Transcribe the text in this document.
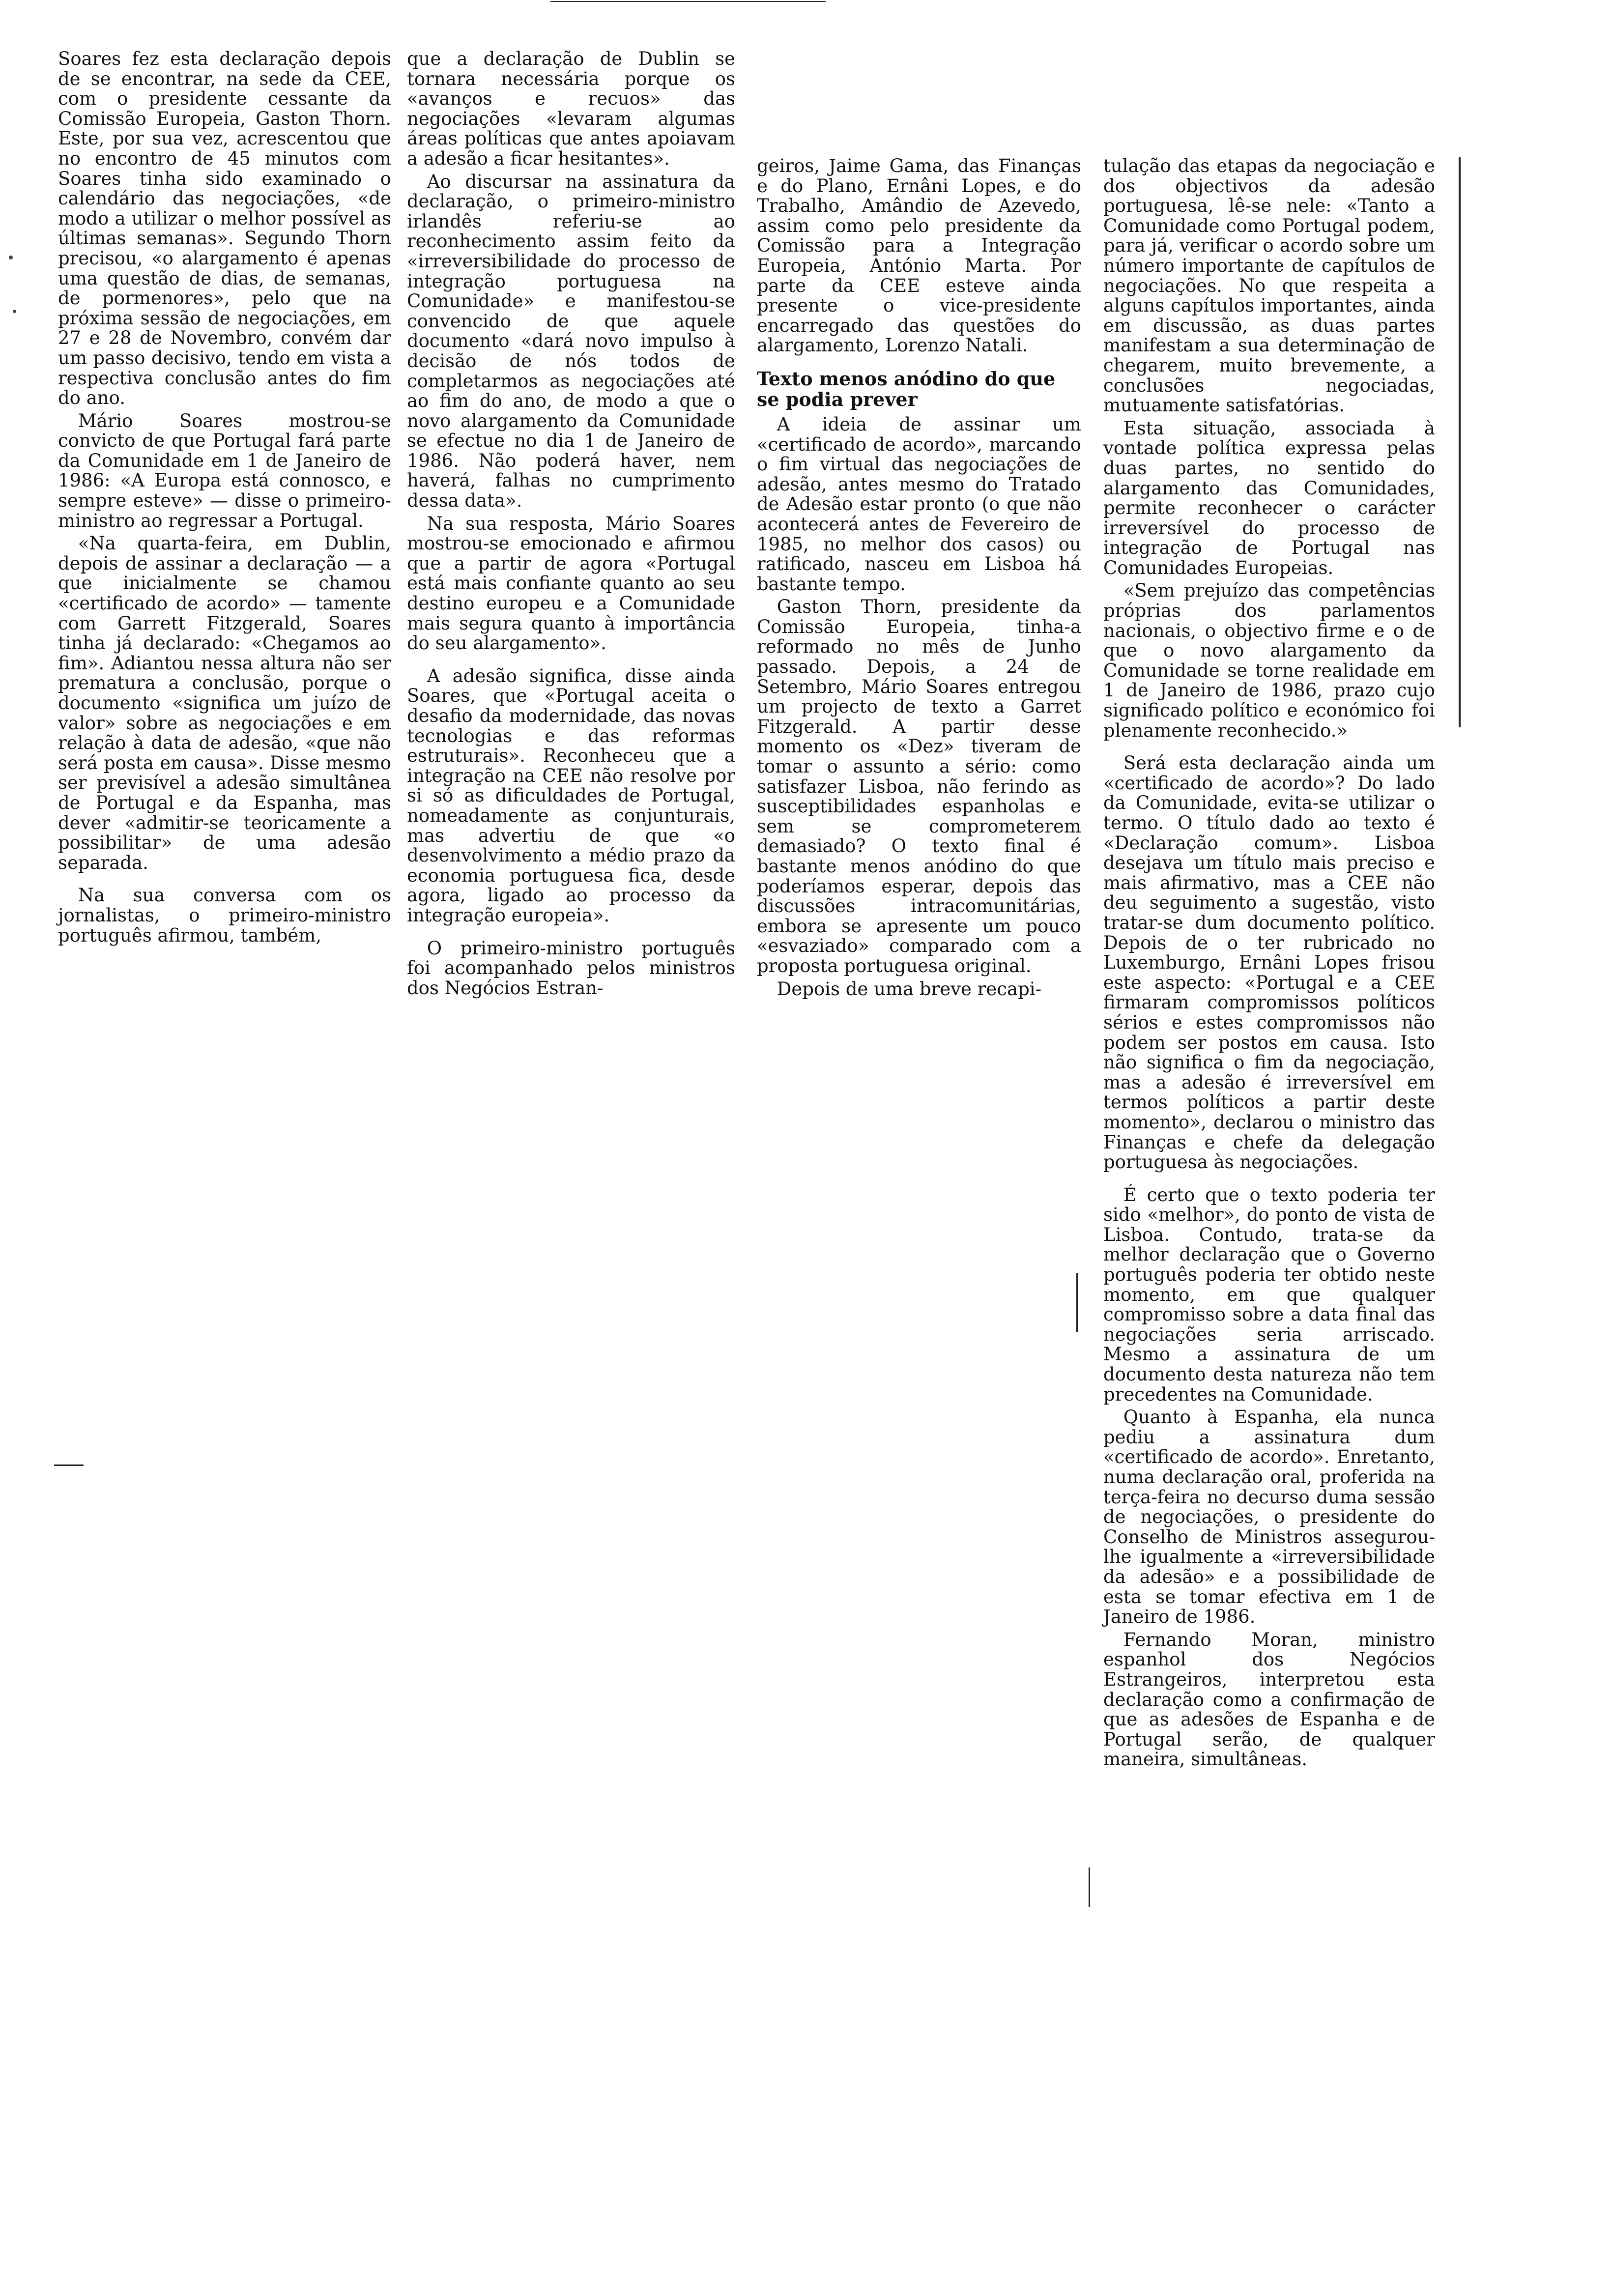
Soares fez esta declaração depois de se encontrar, na sede da CEE, com o presidente cessante da Comissão Europeia, Gaston Thorn. Este, por sua vez, acrescentou que no encontro de 45 minutos com Soares tinha sido examinado o calendário das negociações, «de modo a utilizar o melhor possível as últimas semanas». Segundo Thorn precisou, «o alargamento é apenas uma questão de dias, de semanas, de pormenores», pelo que na próxima sessão de negociações, em 27 e 28 de Novembro, convém dar um passo decisivo, tendo em vista a respectiva conclusão antes do fim do ano.

Mário Soares mostrou-se convicto de que Portugal fará parte da Comunidade em 1 de Janeiro de 1986: «A Europa está connosco, e sempre esteve» — disse o primeiro-ministro ao regressar a Portugal.

«Na quarta-feira, em Dublin, depois de assinar a declaração — a que inicialmente se chamou «certificado de acordo» — tamente com Garrett Fitzgerald, Soares tinha já declarado: «Chegamos ao fim». Adiantou nessa altura não ser prematura a conclusão, porque o documento «significa um juízo de valor» sobre as negociações e em relação à data de adesão, «que não será posta em causa». Disse mesmo ser previsível a adesão simultânea de Portugal e da Espanha, mas dever «admitir-se teoricamente a possibilitar» de uma adesão separada.

Na sua conversa com os jornalistas, o primeiro-ministro português afirmou, também,

que a declaração de Dublin se tornara necessária porque os «avanços e recuos» das negociações «levaram algumas áreas políticas que antes apoiavam a adesão a ficar hesitantes».

Ao discursar na assinatura da declaração, o primeiro-ministro irlandês referiu-se ao reconhecimento assim feito da «irreversibilidade do processo de integração portuguesa na Comunidade» e manifestou-se convencido de que aquele documento «dará novo impulso à decisão de nós todos de completarmos as negociações até ao fim do ano, de modo a que o novo alargamento da Comunidade se efectue no dia 1 de Janeiro de 1986. Não poderá haver, nem haverá, falhas no cumprimento dessa data».

Na sua resposta, Mário Soares mostrou-se emocionado e afirmou que a partir de agora «Portugal está mais confiante quanto ao seu destino europeu e a Comunidade mais segura quanto à importância do seu alargamento».

A adesão significa, disse ainda Soares, que «Portugal aceita o desafio da modernidade, das novas tecnologias e das reformas estruturais». Reconheceu que a integração na CEE não resolve por si só as dificuldades de Portugal, nomeadamente as conjunturais, mas advertiu de que «o desenvolvimento a médio prazo da economia portuguesa fica, desde agora, ligado ao processo da integração europeia».

O primeiro-ministro português foi acompanhado pelos ministros dos Negócios Estran-

geiros, Jaime Gama, das Finanças e do Plano, Ernâni Lopes, e do Trabalho, Amândio de Azevedo, assim como pelo presidente da Comissão para a Integração Europeia, António Marta. Por parte da CEE esteve ainda presente o vice-presidente encarregado das questões do alargamento, Lorenzo Natali.

Texto menos anódino do que se podia prever

A ideia de assinar um «certificado de acordo», marcando o fim virtual das negociações de adesão, antes mesmo do Tratado de Adesão estar pronto (o que não acontecerá antes de Fevereiro de 1985, no melhor dos casos) ou ratificado, nasceu em Lisboa há bastante tempo.

Gaston Thorn, presidente da Comissão Europeia, tinha-a reformado no mês de Junho passado. Depois, a 24 de Setembro, Mário Soares entregou um projecto de texto a Garret Fitzgerald. A partir desse momento os «Dez» tiveram de tomar o assunto a sério: como satisfazer Lisboa, não ferindo as susceptibilidades espanholas e sem se comprometerem demasiado? O texto final é bastante menos anódino do que poderíamos esperar, depois das discussões intracomunitárias, embora se apresente um pouco «esvaziado» comparado com a proposta portuguesa original.

Depois de uma breve recapi-

tulação das etapas da negociação e dos objectivos da adesão portuguesa, lê-se nele: «Tanto a Comunidade como Portugal podem, para já, verificar o acordo sobre um número importante de capítulos de negociações. No que respeita a alguns capítulos importantes, ainda em discussão, as duas partes manifestam a sua determinação de chegarem, muito brevemente, a conclusões negociadas, mutuamente satisfatórias.

Esta situação, associada à vontade política expressa pelas duas partes, no sentido do alargamento das Comunidades, permite reconhecer o carácter irreversível do processo de integração de Portugal nas Comunidades Europeias.

«Sem prejuízo das competências próprias dos parlamentos nacionais, o objectivo firme e o de que o novo alargamento da Comunidade se torne realidade em 1 de Janeiro de 1986, prazo cujo significado político e económico foi plenamente reconhecido.»

Será esta declaração ainda um «certificado de acordo»? Do lado da Comunidade, evita-se utilizar o termo. O título dado ao texto é «Declaração comum». Lisboa desejava um título mais preciso e mais afirmativo, mas a CEE não deu seguimento a sugestão, visto tratar-se dum documento político. Depois de o ter rubricado no Luxemburgo, Ernâni Lopes frisou este aspecto: «Portugal e a CEE firmaram compromissos políticos sérios e estes compromissos não podem ser postos em causa. Isto não significa o fim da negociação, mas a adesão é irreversível em termos políticos a partir deste momento», declarou o ministro das Finanças e chefe da delegação portuguesa às negociações.

É certo que o texto poderia ter sido «melhor», do ponto de vista de Lisboa. Contudo, trata-se da melhor declaração que o Governo português poderia ter obtido neste momento, em que qualquer compromisso sobre a data final das negociações seria arriscado. Mesmo a assinatura de um documento desta natureza não tem precedentes na Comunidade.

Quanto à Espanha, ela nunca pediu a assinatura dum «certificado de acordo». Enretanto, numa declaração oral, proferida na terça-feira no decurso duma sessão de negociações, o presidente do Conselho de Ministros assegurou-lhe igualmente a «irreversibilidade da adesão» e a possibilidade de esta se tomar efectiva em 1 de Janeiro de 1986.

Fernando Moran, ministro espanhol dos Negócios Estrangeiros, interpretou esta declaração como a confirmação de que as adesões de Espanha e de Portugal serão, de qualquer maneira, simultâneas.
